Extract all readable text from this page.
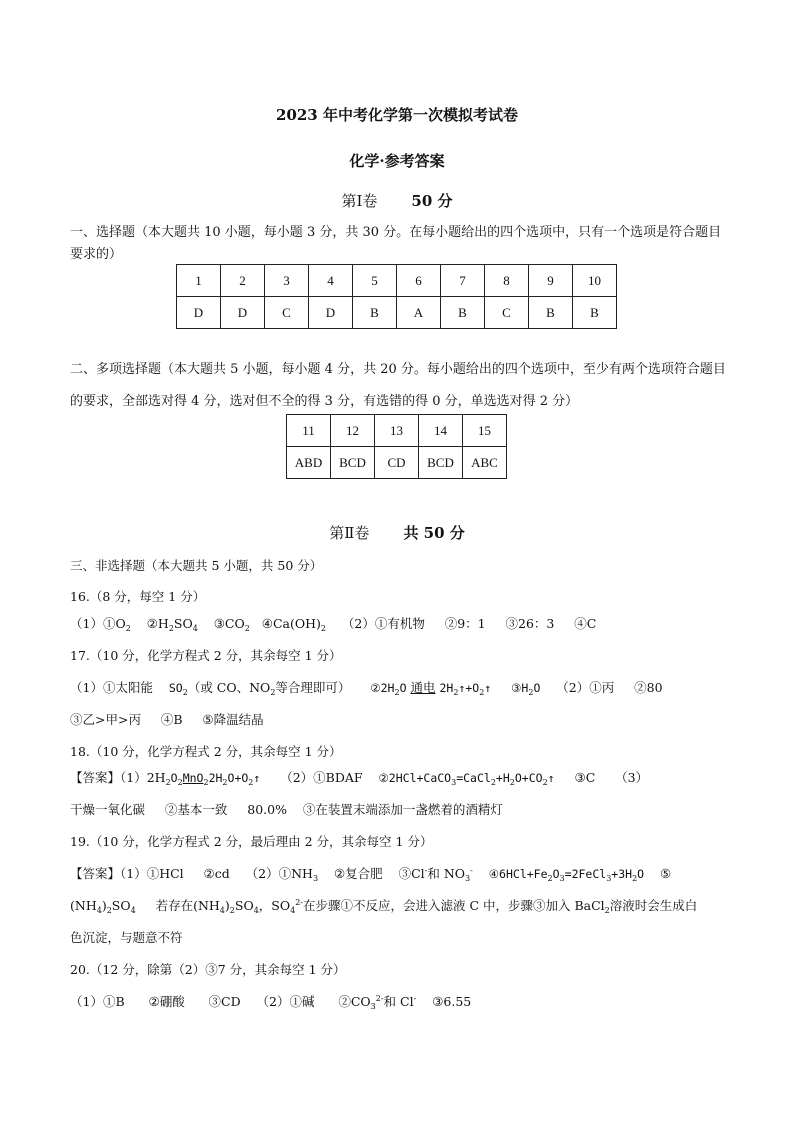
2023 年中考化学第一次模拟考试卷
化学·参考答案
第Ⅰ卷 50 分
一、选择题（本大题共 10 小题，每小题 3 分，共 30 分。在每小题给出的四个选项中，只有一个选项是符合题目要求的）
1	2	3	4	5	6	7	8	9	10
D	D	C	D	B	A	B	C	B	B
二、多项选择题（本大题共 5 小题，每小题 4 分，共 20 分。每小题给出的四个选项中，至少有两个选项符合题目的要求，全部选对得 4 分，选对但不全的得 3 分，有选错的得 0 分，单选选对得 2 分）
11	12	13	14	15
ABD	BCD	CD	BCD	ABC
第Ⅱ卷 共 50 分
三、非选择题（本大题共 5 小题，共 50 分）
16.（8 分，每空 1 分）
$(1)①O_2$ $②H_2SO_4$ $③CO_2$ $④Ca(OH)_2$ （2）①有机物 ②9：1 ③26：3 ④C
17.（10 分，化学方程式 2 分，其余每空 1 分）
（1）①太阳能 $SO_2$（或 CO、$NO_2$等合理即可） $②2H_2O$ 通电 $2H_2↑+O_2↑$ $③H_2O$ （2）①丙 ②80
③乙>甲>丙 ④B ⑤降温结晶
18.（10 分，化学方程式 2 分，其余每空 1 分）
【答案】$(1)2H_2O_2MnO_22H_2O+O_2↑$ （2）①BDAF $②2HCl+CaCO_3=CaCl_2+H_2O+CO_2↑$ ③C （3）
干燥一氧化碳 ②基本一致 80.0% ③在装置末端添加一盏燃着的酒精灯
19.（10 分，化学方程式 2 分，最后理由 2 分，其余每空 1 分）
【答案】（1）①HCl ②cd $(2)①NH_3$ ②复合肥 ③Cl-和 $NO_3^-$ $④6HCl+Fe_2O_3=2FeCl_3+3H_2O$ ⑤
$(NH_4)_2SO_4$ 若存在$(NH_4)_2SO_4$，$SO_4^{2-}$在步骤①不反应，会进入滤液 C 中，步骤③加入 BaCl$_2$溶液时会生成白
色沉淀，与题意不符
20.（12 分，除第（2）③7 分，其余每空 1 分）
（1）①B ②硼酸 ③CD （2）①碱 $②CO_3^{2-}$和 Cl- ③6.55
